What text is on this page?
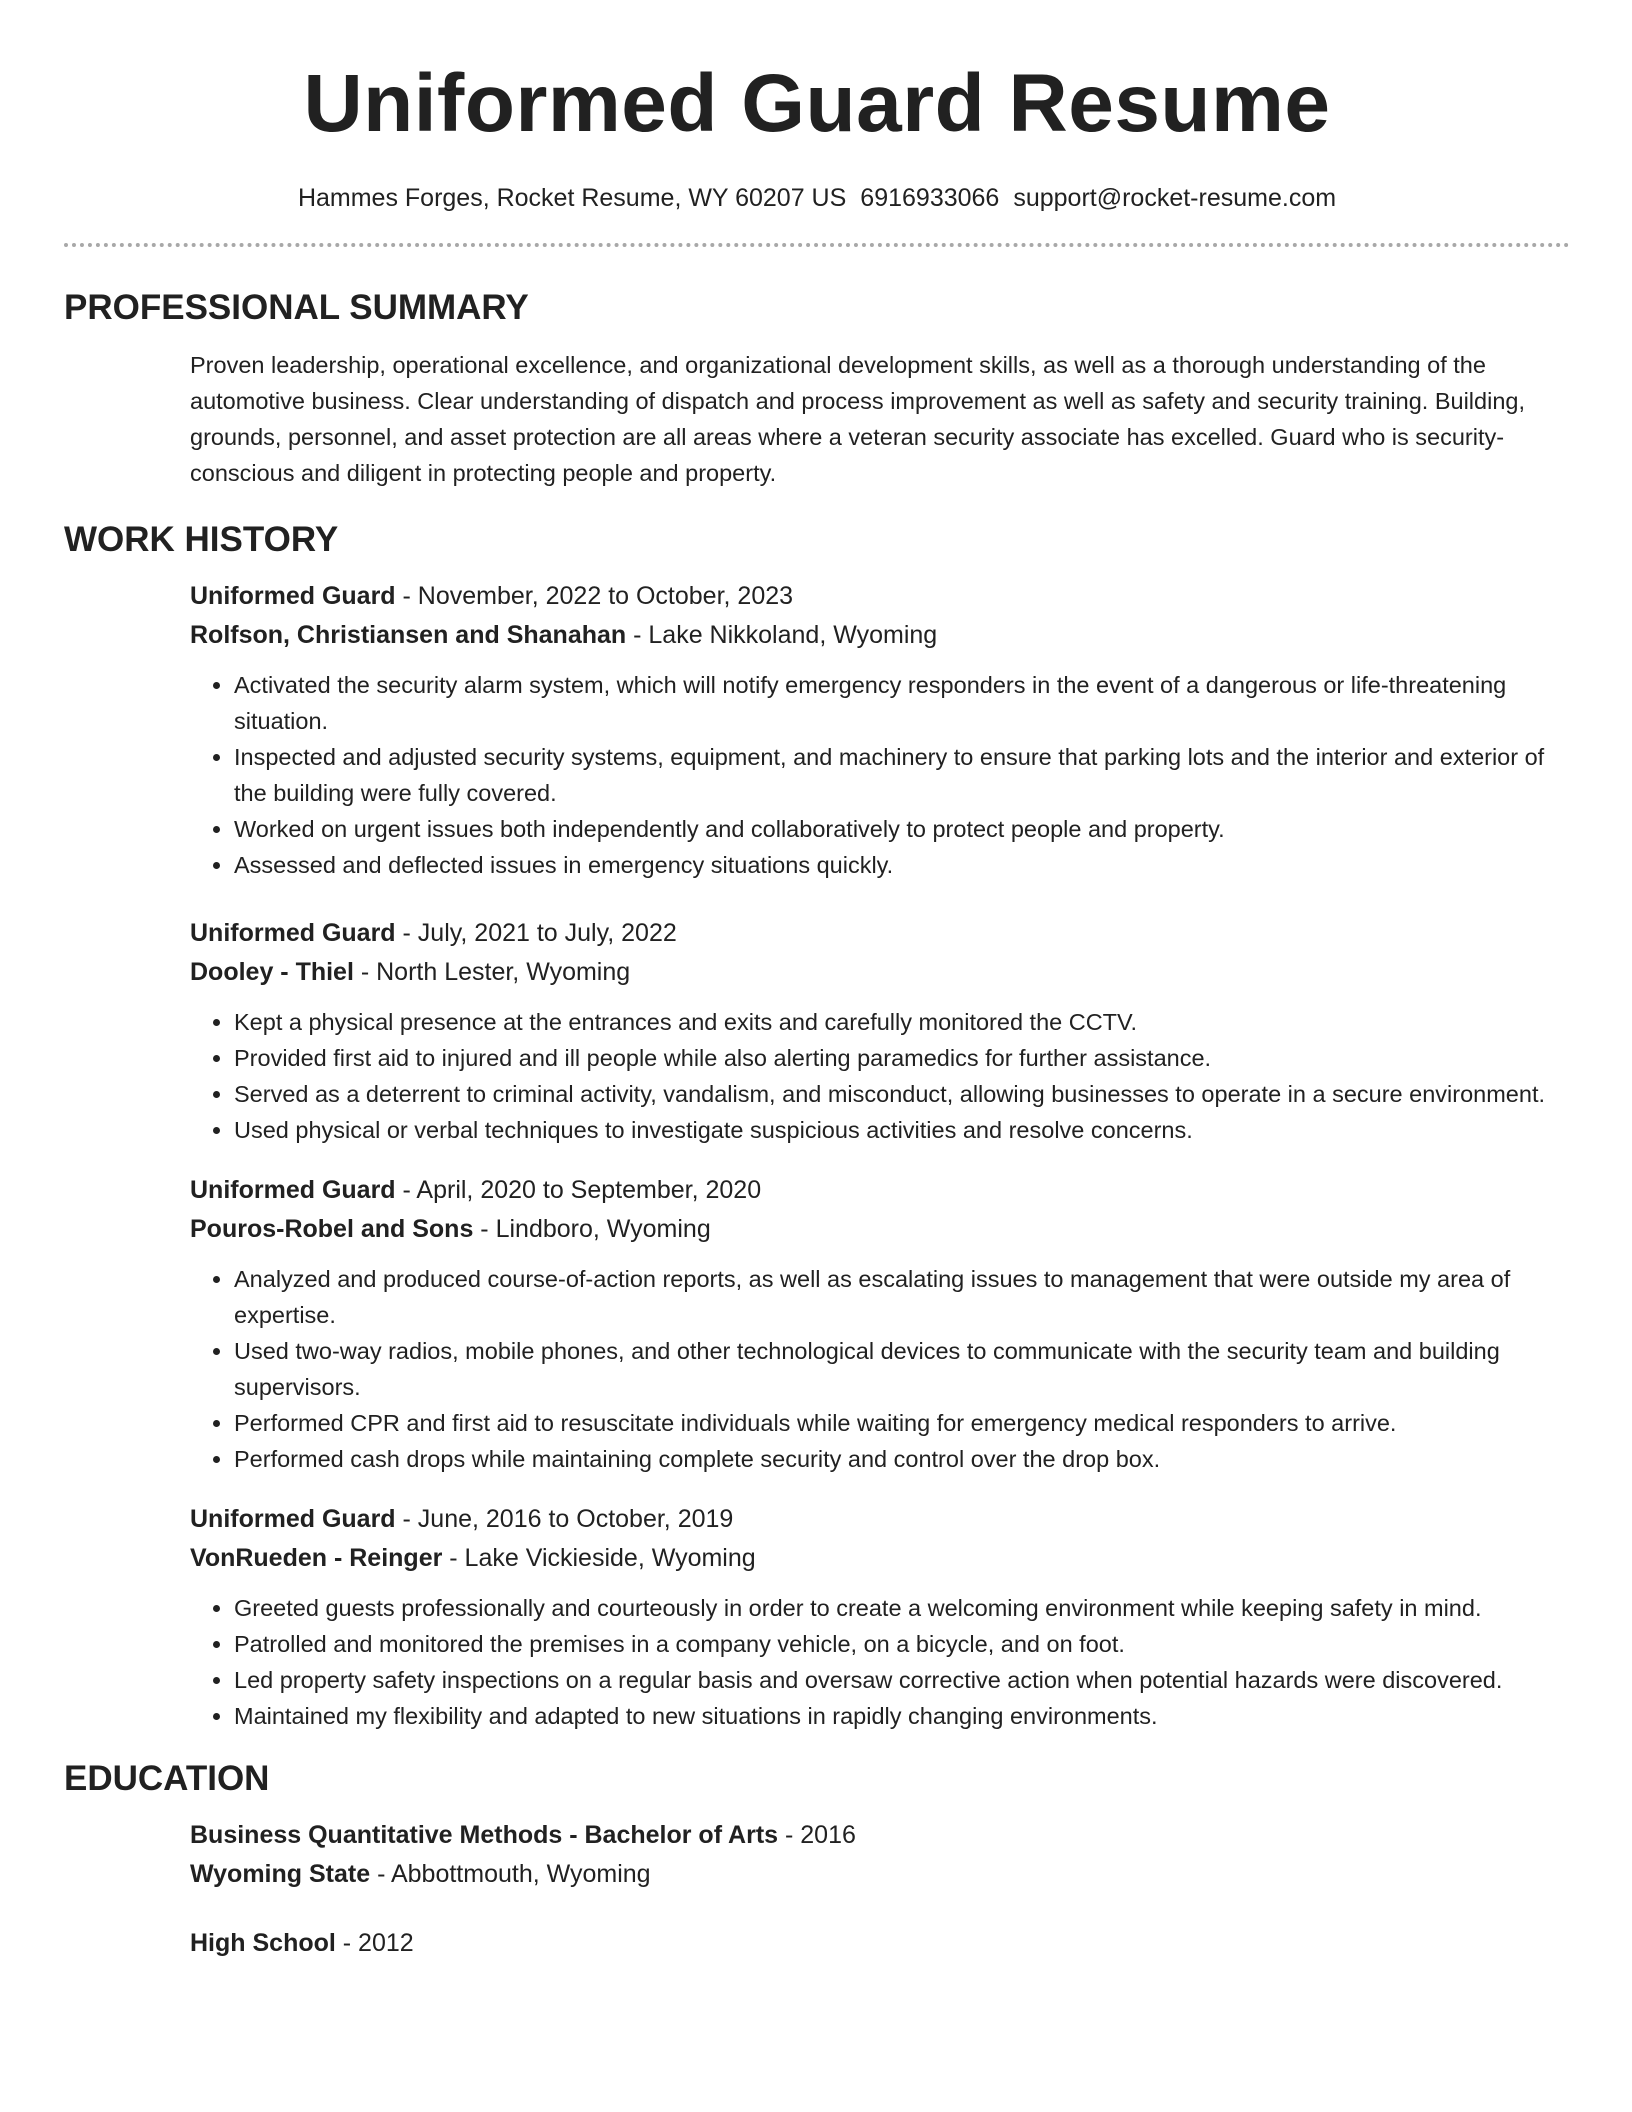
Uniformed Guard Resume
Hammes Forges, Rocket Resume, WY 60207 US 6916933066 support@rocket-resume.com
PROFESSIONAL SUMMARY

Proven leadership, operational excellence, and organizational development skills, as well as a thorough understanding of the automotive business. Clear understanding of dispatch and process improvement as well as safety and security training. Building, grounds, personnel, and asset protection are all areas where a veteran security associate has excelled. Guard who is security-conscious and diligent in protecting people and property.

WORK HISTORY
Uniformed Guard - November, 2022 to October, 2023
Rolfson, Christiansen and Shanahan - Lake Nikkoland, Wyoming
• Activated the security alarm system, which will notify emergency responders in the event of a dangerous or life-threatening situation.
• Inspected and adjusted security systems, equipment, and machinery to ensure that parking lots and the interior and exterior of the building were fully covered.
• Worked on urgent issues both independently and collaboratively to protect people and property.
• Assessed and deflected issues in emergency situations quickly.
Uniformed Guard - July, 2021 to July, 2022
Dooley - Thiel - North Lester, Wyoming
• Kept a physical presence at the entrances and exits and carefully monitored the CCTV.
• Provided first aid to injured and ill people while also alerting paramedics for further assistance.
• Served as a deterrent to criminal activity, vandalism, and misconduct, allowing businesses to operate in a secure environment.
• Used physical or verbal techniques to investigate suspicious activities and resolve concerns.
Uniformed Guard - April, 2020 to September, 2020
Pouros-Robel and Sons - Lindboro, Wyoming
• Analyzed and produced course-of-action reports, as well as escalating issues to management that were outside my area of expertise.
• Used two-way radios, mobile phones, and other technological devices to communicate with the security team and building supervisors.
• Performed CPR and first aid to resuscitate individuals while waiting for emergency medical responders to arrive.
• Performed cash drops while maintaining complete security and control over the drop box.
Uniformed Guard - June, 2016 to October, 2019
VonRueden - Reinger - Lake Vickieside, Wyoming
• Greeted guests professionally and courteously in order to create a welcoming environment while keeping safety in mind.
• Patrolled and monitored the premises in a company vehicle, on a bicycle, and on foot.
• Led property safety inspections on a regular basis and oversaw corrective action when potential hazards were discovered.
• Maintained my flexibility and adapted to new situations in rapidly changing environments.
EDUCATION
Business Quantitative Methods - Bachelor of Arts - 2016
Wyoming State - Abbottmouth, Wyoming
High School - 2012
